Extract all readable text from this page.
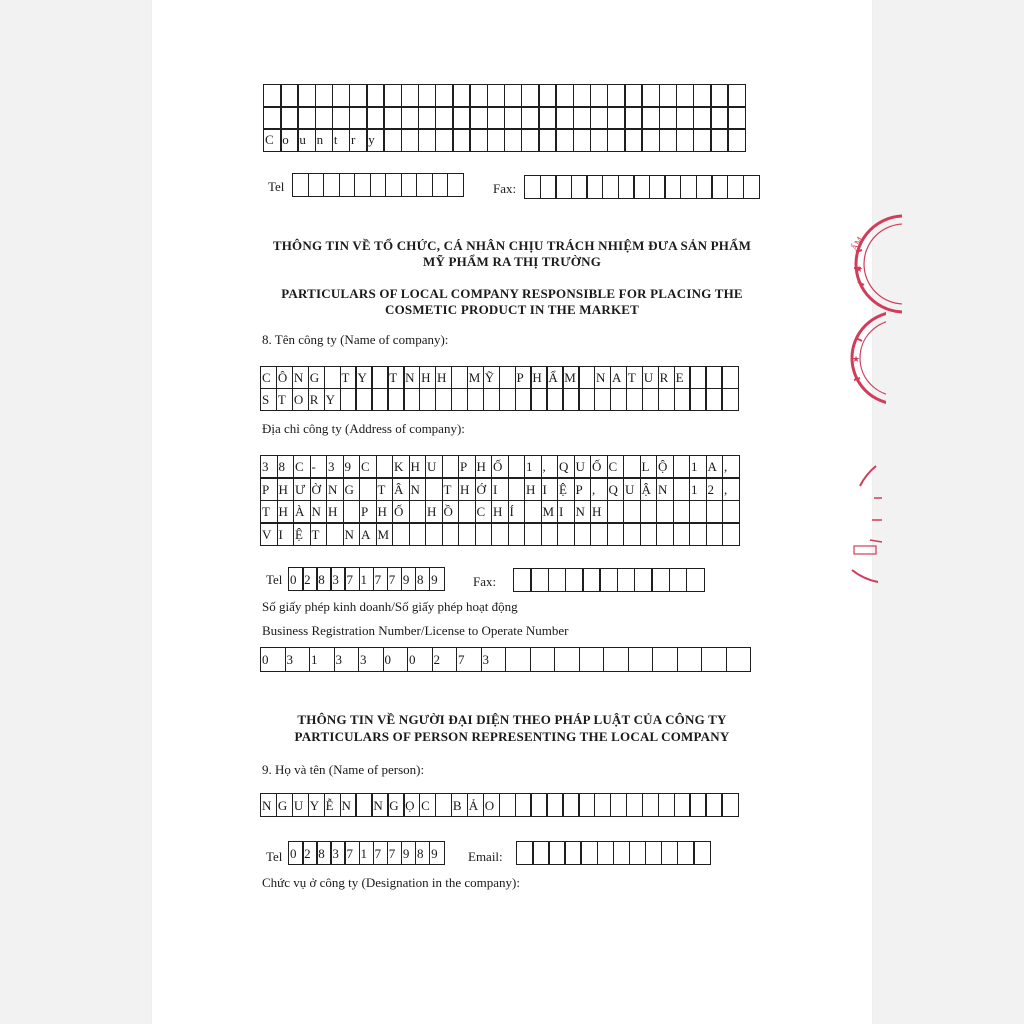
C o u n t	r y
Tel	Fax:
THÔNG TIN VỀ TỔ CHỨC, CÁ NHÂN CHỊU TRÁCH NHIỆM ĐƯA SẢN PHẨM
MỸ PHẨM RA THỊ TRƯỜNG
PARTICULARS OF LOCAL COMPANY RESPONSIBLE FOR PLACING THE
COSMETIC PRODUCT IN THE MARKET
8. Tên công ty (Name of company):
C Ô N G	T Y	T N H H	M Ỹ	P H Ẩ M N A T U R E
S T O R Y
Địa chỉ công ty (Address of company):
3 8 C - 3 9 C	K H U	P H Ố	1 ,	Q U Ố C	L Ộ	1 A ,
P H Ư Ờ N G	T Â N	T H Ớ I	H I Ệ P ,	Q U Ậ N	1 2 ,
T H À N H	P H Ố	H Ồ	C H Í	M I N H
V I Ệ T	N A M
Tel 0 2 8 3 7 1 7 7 9 8 9	Fax:
Số giấy phép kinh doanh/Số giấy phép hoạt động
Business Registration Number/License to Operate Number
0	3	1	3	3	0	0	2	7	3
THÔNG TIN VỀ NGƯỜI ĐẠI DIỆN THEO PHÁP LUẬT CỦA CÔNG TY
PARTICULARS OF PERSON REPRESENTING THE LOCAL COMPANY
9. Họ và tên (Name of person):
N G U Y Ễ N	N G Ọ C	B Ả O
Tel 0 2 8 3 7 1 7 7 9 8 9	Email:
Chức vụ ở công ty (Designation in the company):
ẨM
★
★
